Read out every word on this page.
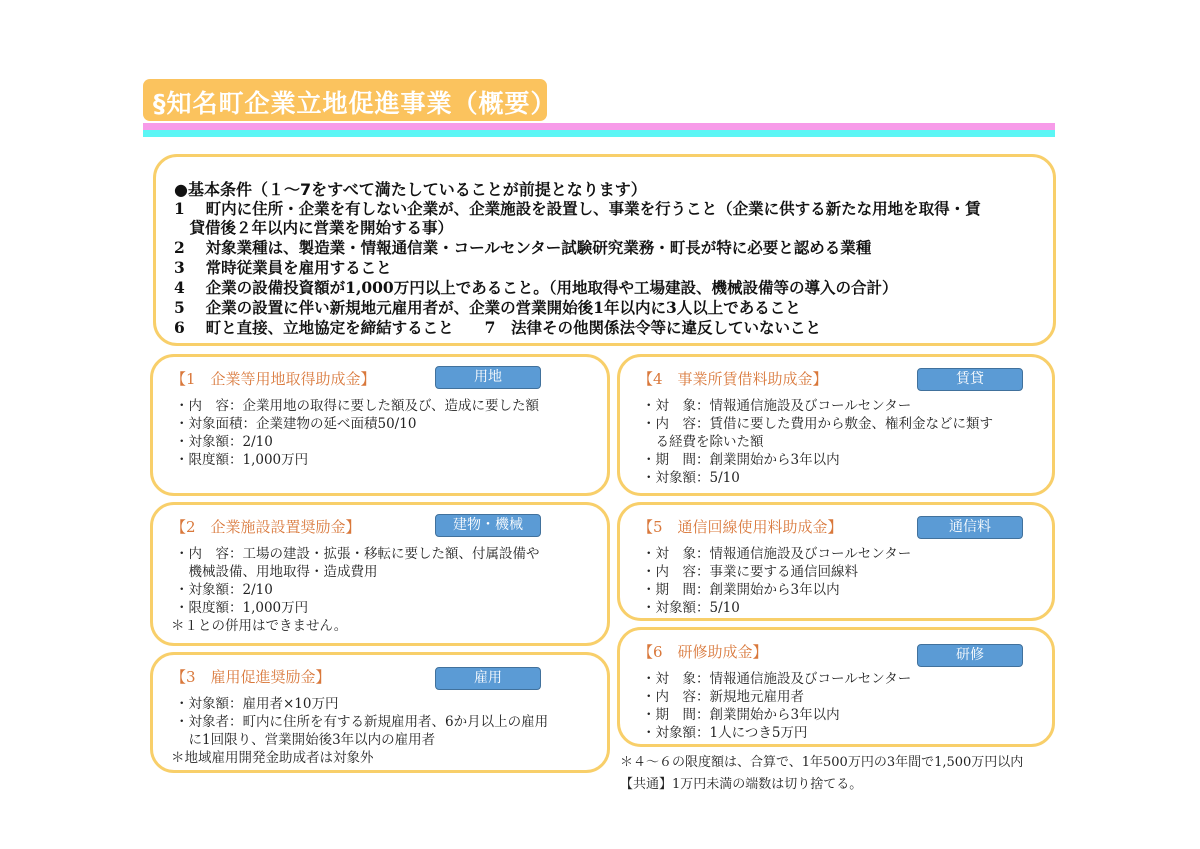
§知名町企業立地促進事業（概要）
●基本条件（１～7をすべて満たしていることが前提となります）
1　 町内に住所・企業を有しない企業が、企業施設を設置し、事業を行うこと（企業に供する新たな用地を取得・賃
　貸借後２年以内に営業を開始する事）
2　 対象業種は、製造業・情報通信業・コールセンター試験研究業務・町長が特に必要と認める業種
3　 常時従業員を雇用すること
4　 企業の設備投資額が1,000万円以上であること。（用地取得や工場建設、機械設備等の導入の合計）
5　 企業の設置に伴い新規地元雇用者が、企業の営業開始後1年以内に3人以上であること
6　 町と直接、立地協定を締結すること　　7　法律その他関係法令等に違反していないこと
【1　企業等用地取得助成金】	用地
・内　容：企業用地の取得に要した額及び、造成に要した額
・対象面積：企業建物の延べ面積50/10
・対象額：2/10
・限度額：1,000万円
【2　企業施設設置奨励金】	建物・機械
・内　容：工場の建設・拡張・移転に要した額、付属設備や
　機械設備、用地取得・造成費用
・対象額：2/10
・限度額：1,000万円
＊１との併用はできません。
【3　雇用促進奨励金】	雇用
・対象額：雇用者×10万円
・対象者：町内に住所を有する新規雇用者、6か月以上の雇用
　に1回限り、営業開始後3年以内の雇用者
＊地域雇用開発金助成者は対象外
【4　事業所賃借料助成金】	賃貸
・対　象：情報通信施設及びコールセンター
・内　容：賃借に要した費用から敷金、権利金などに類す
　る経費を除いた額
・期　間：創業開始から3年以内
・対象額：5/10
【5　通信回線使用料助成金】	通信料
・対　象：情報通信施設及びコールセンター
・内　容：事業に要する通信回線料
・期　間：創業開始から3年以内
・対象額：5/10
【6　研修助成金】	研修
・対　象：情報通信施設及びコールセンター
・内　容：新規地元雇用者
・期　間：創業開始から3年以内
・対象額：1人につき5万円
＊４～６の限度額は、合算で、1年500万円の3年間で1,500万円以内
【共通】1万円未満の端数は切り捨てる。
